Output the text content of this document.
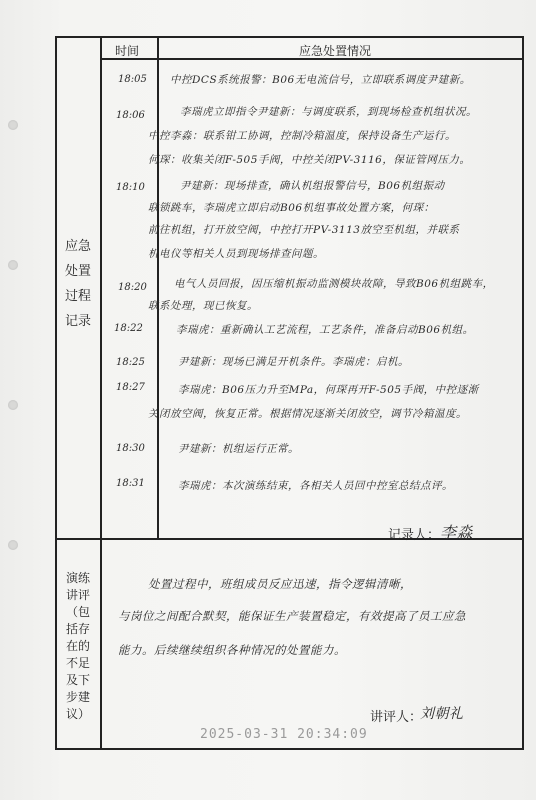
时间	应急处置情况
应急处置过程记录
演练讲评（包括存在的不足及下步建议）
18:05
18:06
18:10
18:20
18:22
18:25
18:27
18:30
18:31
中控DCS系统报警：B06无电流信号，立即联系调度尹建新。
李瑞虎立即指令尹建新：与调度联系，到现场检查机组状况。
中控李淼：联系钳工协调，控制冷箱温度，保持设备生产运行。
何琛：收集关闭F-505手阀，中控关闭PV-3116，保证管网压力。
尹建新：现场排查，确认机组报警信号，B06机组振动
联锁跳车，李瑞虎立即启动B06机组事故处置方案，何琛：
前往机组，打开放空阀，中控打开PV-3113放空至机组，并联系
机电仪等相关人员到现场排查问题。
电气人员回报，因压缩机振动监测模块故障，导致B06机组跳车，
联系处理，现已恢复。
李瑞虎：重新确认工艺流程，工艺条件，准备启动B06机组。
尹建新：现场已满足开机条件。李瑞虎：启机。
李瑞虎：B06压力升至MPa，何琛再开F-505手阀，中控逐渐
关闭放空阀，恢复正常。根据情况逐渐关闭放空，调节冷箱温度。
尹建新：机组运行正常。
李瑞虎：本次演练结束，各相关人员回中控室总结点评。
记录人： 李淼
处置过程中，班组成员反应迅速，指令逻辑清晰，
与岗位之间配合默契，能保证生产装置稳定，有效提高了员工应急
能力。后续继续组织各种情况的处置能力。
讲评人：
刘朝礼
2025-03-31 20:34:09
